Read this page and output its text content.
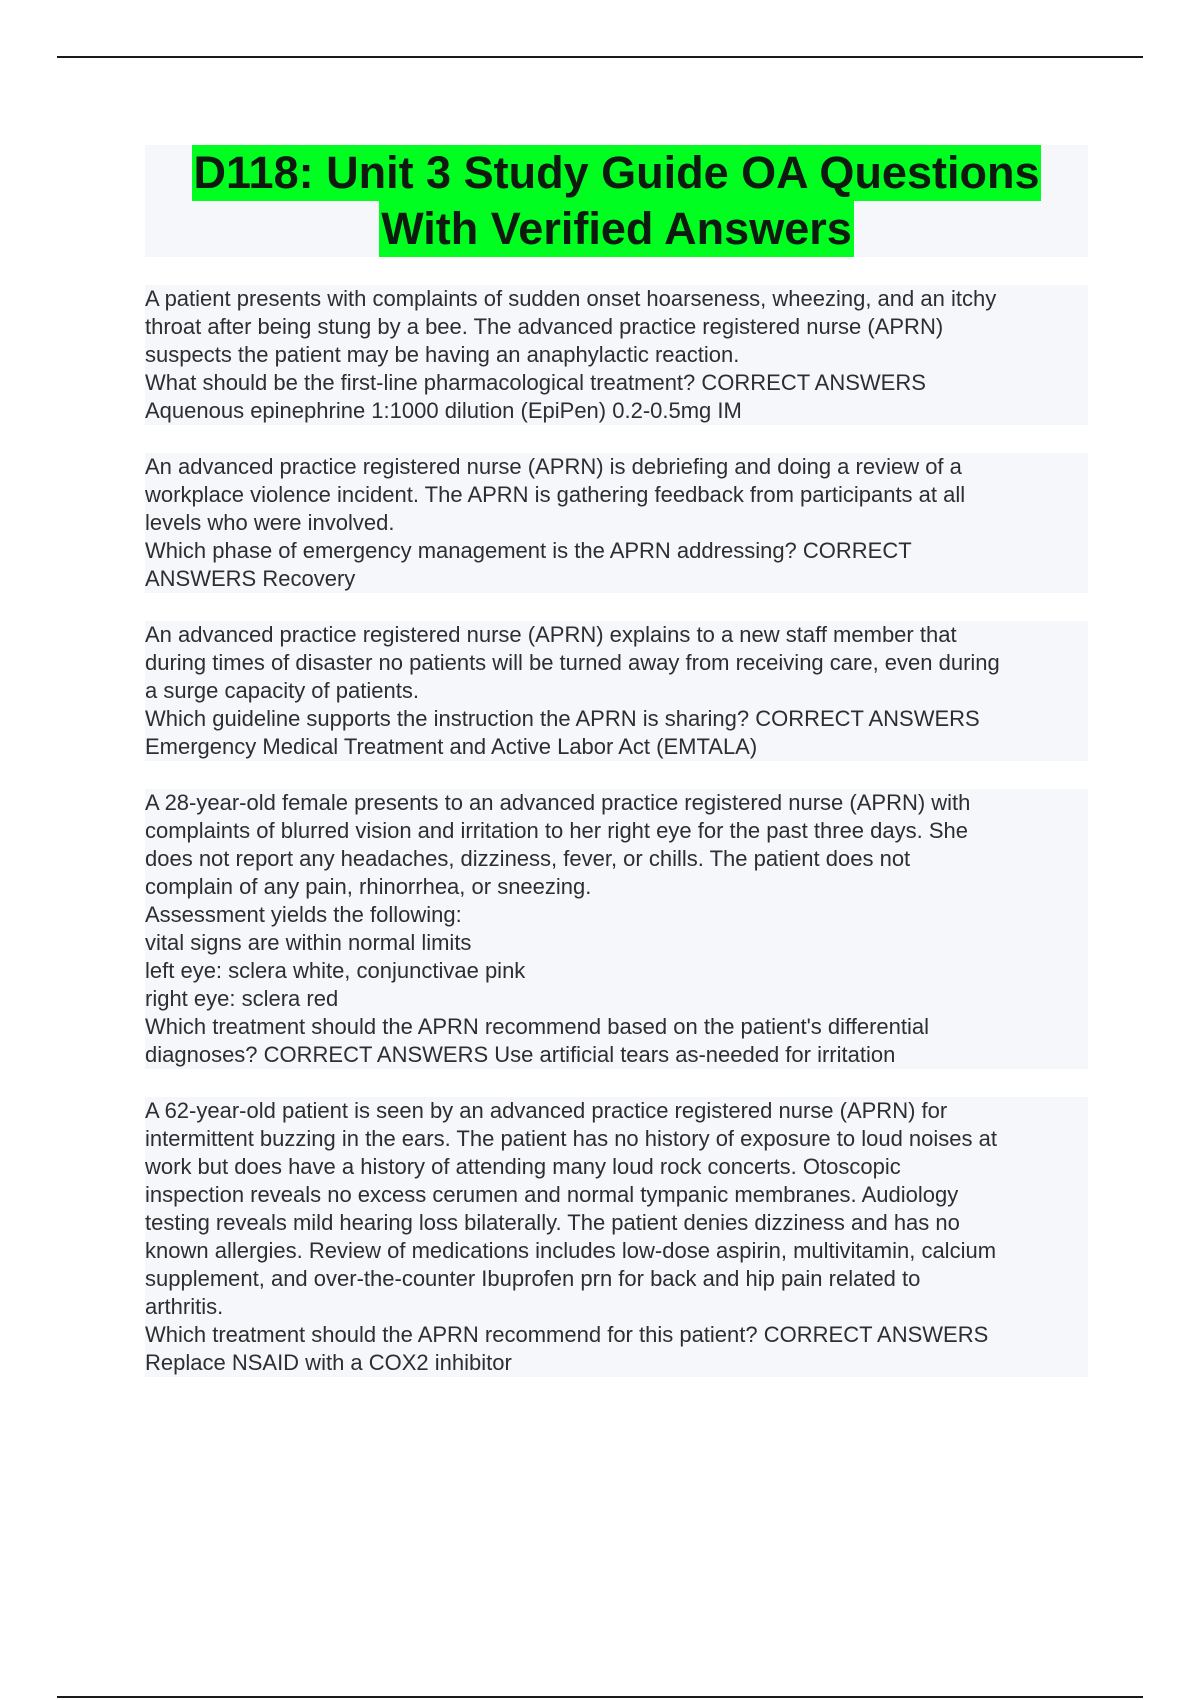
D118: Unit 3 Study Guide OA Questions
With Verified Answers

A patient presents with complaints of sudden onset hoarseness, wheezing, and an itchy

throat after being stung by a bee. The advanced practice registered nurse (APRN)

suspects the patient may be having an anaphylactic reaction.

What should be the first-line pharmacological treatment? CORRECT ANSWERS

Aquenous epinephrine 1:1000 dilution (EpiPen) 0.2-0.5mg IM

An advanced practice registered nurse (APRN) is debriefing and doing a review of a

workplace violence incident. The APRN is gathering feedback from participants at all

levels who were involved.

Which phase of emergency management is the APRN addressing? CORRECT

ANSWERS Recovery

An advanced practice registered nurse (APRN) explains to a new staff member that

during times of disaster no patients will be turned away from receiving care, even during

a surge capacity of patients.

Which guideline supports the instruction the APRN is sharing? CORRECT ANSWERS

Emergency Medical Treatment and Active Labor Act (EMTALA)

A 28-year-old female presents to an advanced practice registered nurse (APRN) with

complaints of blurred vision and irritation to her right eye for the past three days. She

does not report any headaches, dizziness, fever, or chills. The patient does not

complain of any pain, rhinorrhea, or sneezing.

Assessment yields the following:

vital signs are within normal limits

left eye: sclera white, conjunctivae pink

right eye: sclera red

Which treatment should the APRN recommend based on the patient's differential

diagnoses? CORRECT ANSWERS Use artificial tears as-needed for irritation

A 62-year-old patient is seen by an advanced practice registered nurse (APRN) for

intermittent buzzing in the ears. The patient has no history of exposure to loud noises at

work but does have a history of attending many loud rock concerts. Otoscopic

inspection reveals no excess cerumen and normal tympanic membranes. Audiology

testing reveals mild hearing loss bilaterally. The patient denies dizziness and has no

known allergies. Review of medications includes low-dose aspirin, multivitamin, calcium

supplement, and over-the-counter Ibuprofen prn for back and hip pain related to

arthritis.

Which treatment should the APRN recommend for this patient? CORRECT ANSWERS

Replace NSAID with a COX2 inhibitor
